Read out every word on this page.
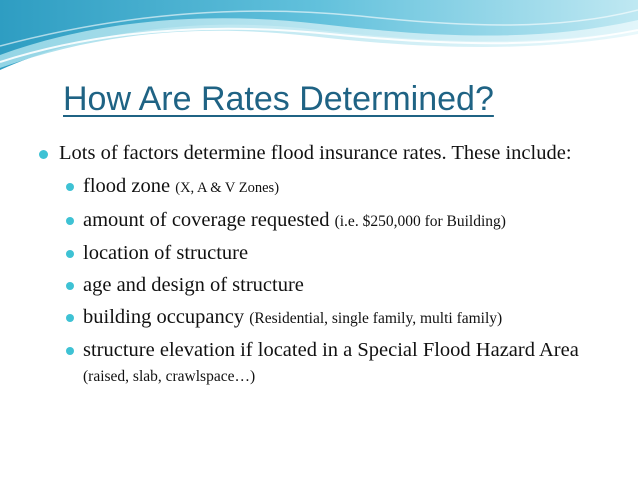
How Are Rates Determined?
Lots of factors determine flood insurance rates. These include:
flood zone (X, A & V Zones)
amount of coverage requested (i.e. $250,000 for Building)
location of structure
age and design of structure
building occupancy (Residential, single family, multi family)
structure elevation if located in a Special Flood Hazard Area (raised, slab, crawlspace…)
